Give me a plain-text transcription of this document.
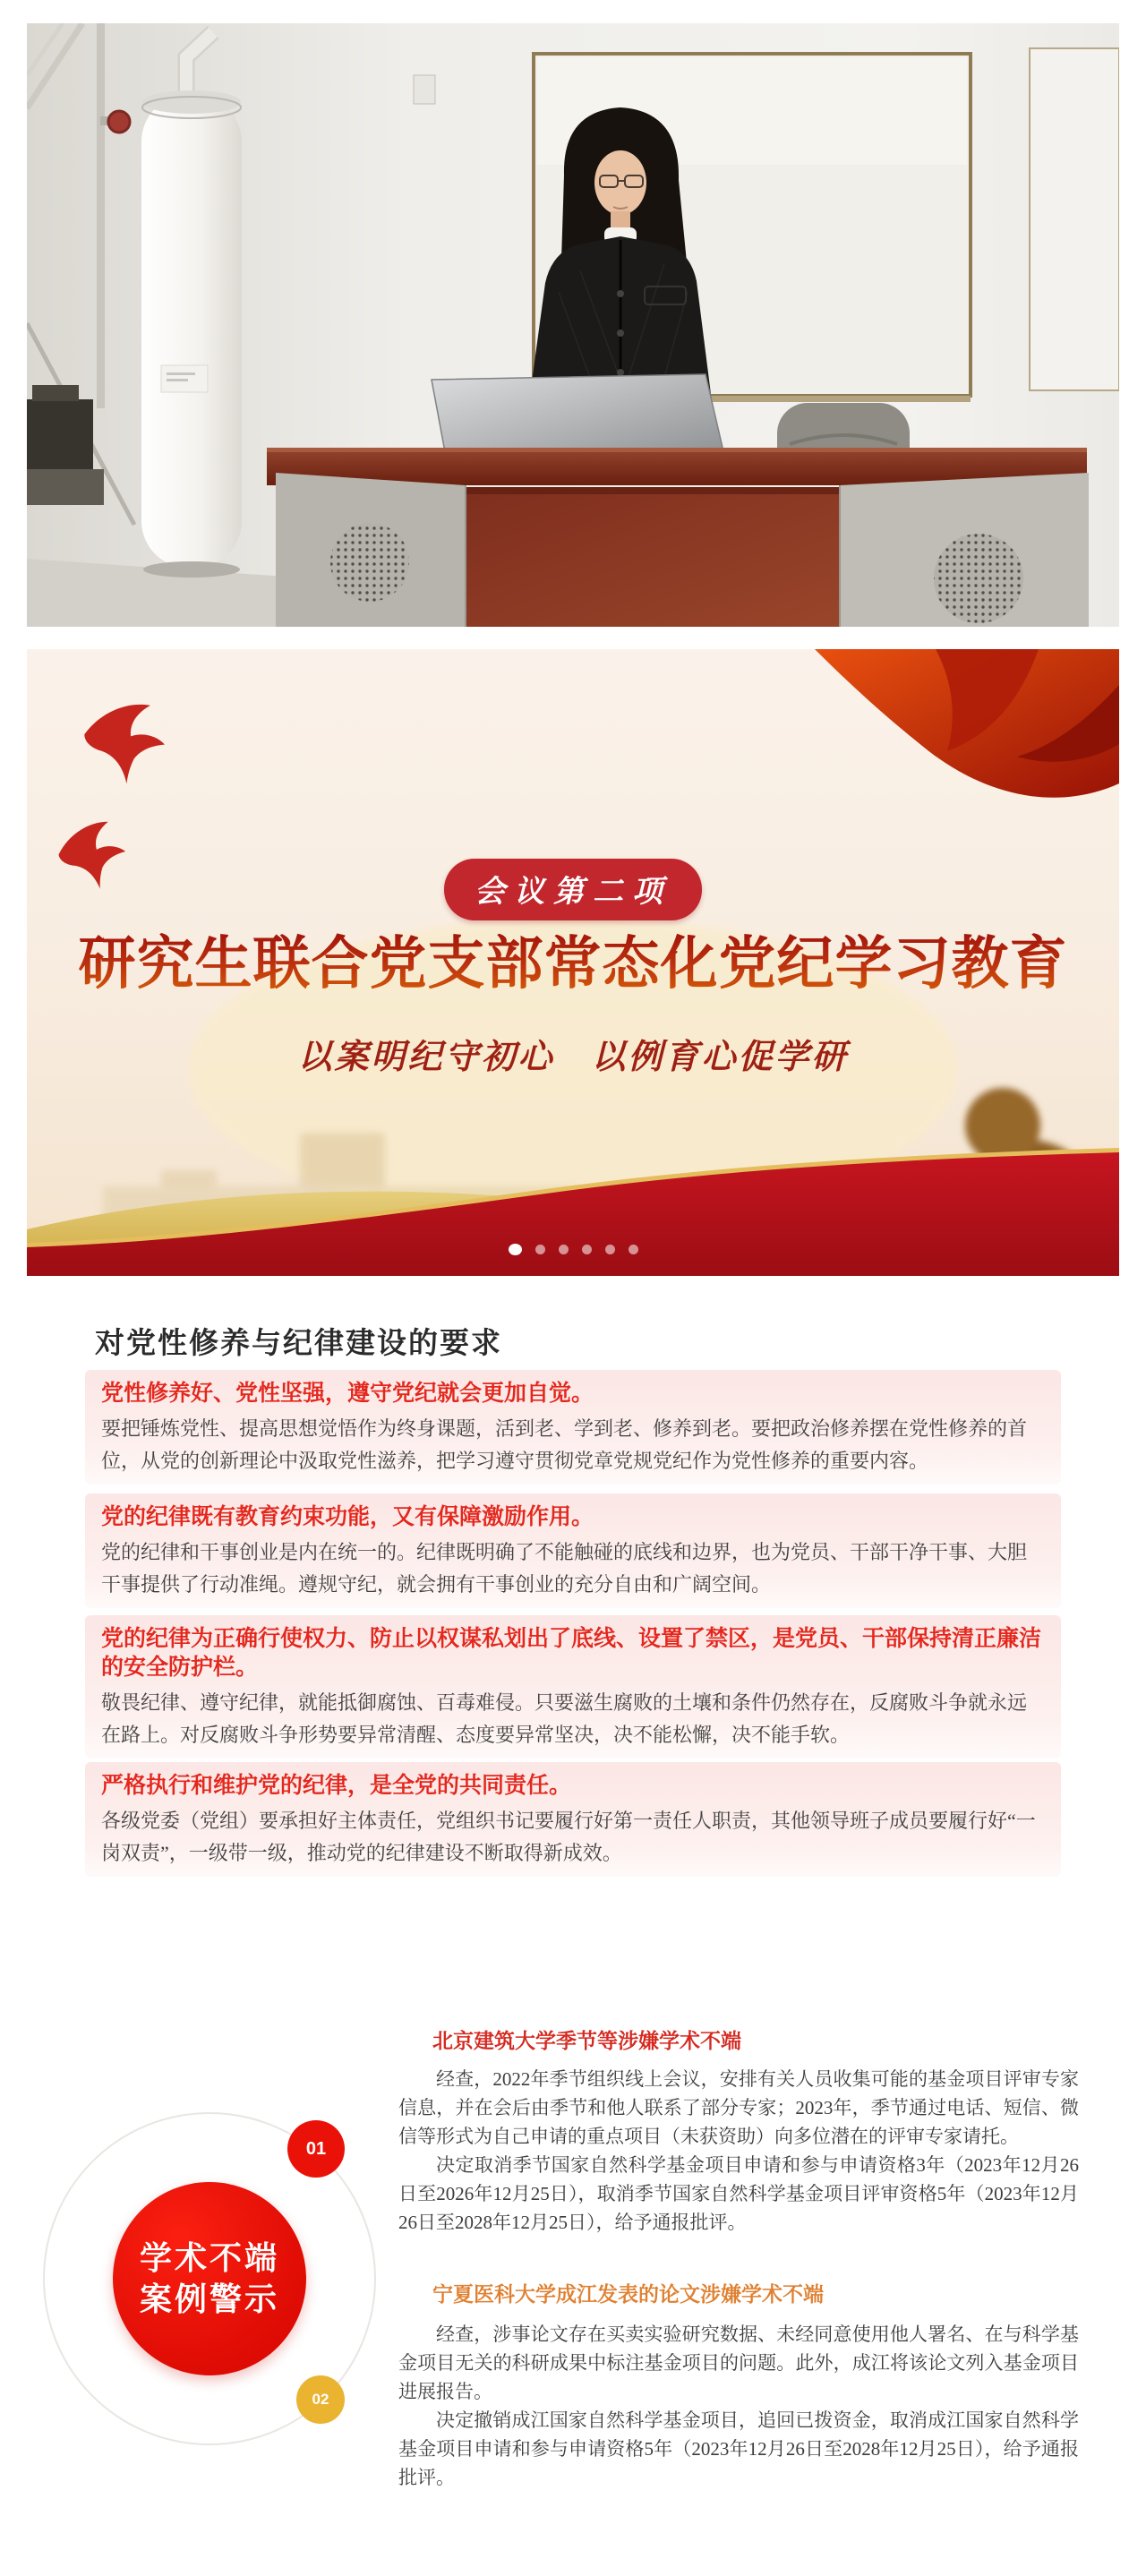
会议第二项
研究生联合党支部常态化党纪学习教育
以案明纪守初心　以例育心促学研
对党性修养与纪律建设的要求
党性修养好、党性坚强，遵守党纪就会更加自觉。

要把锤炼党性、提高思想觉悟作为终身课题，活到老、学到老、修养到老。要把政治修养摆在党性修养的首位，从党的创新理论中汲取党性滋养，把学习遵守贯彻党章党规党纪作为党性修养的重要内容。

党的纪律既有教育约束功能，又有保障激励作用。

党的纪律和干事创业是内在统一的。纪律既明确了不能触碰的底线和边界，也为党员、干部干净干事、大胆干事提供了行动准绳。遵规守纪，就会拥有干事创业的充分自由和广阔空间。

党的纪律为正确行使权力、防止以权谋私划出了底线、设置了禁区，是党员、干部保持清正廉洁的安全防护栏。

敬畏纪律、遵守纪律，就能抵御腐蚀、百毒难侵。只要滋生腐败的土壤和条件仍然存在，反腐败斗争就永远在路上。对反腐败斗争形势要异常清醒、态度要异常坚决，决不能松懈，决不能手软。

严格执行和维护党的纪律，是全党的共同责任。

各级党委（党组）要承担好主体责任，党组织书记要履行好第一责任人职责，其他领导班子成员要履行好“一岗双责”，一级带一级，推动党的纪律建设不断取得新成效。

学术不端
案例警示
01
02
北京建筑大学季节等涉嫌学术不端

经查，2022年季节组织线上会议，安排有关人员收集可能的基金项目评审专家信息，并在会后由季节和他人联系了部分专家；2023年，季节通过电话、短信、微信等形式为自己申请的重点项目（未获资助）向多位潜在的评审专家请托。

决定取消季节国家自然科学基金项目申请和参与申请资格3年（2023年12月26日至2026年12月25日），取消季节国家自然科学基金项目评审资格5年（2023年12月26日至2028年12月25日），给予通报批评。

宁夏医科大学成江发表的论文涉嫌学术不端

经查，涉事论文存在买卖实验研究数据、未经同意使用他人署名、在与科学基金项目无关的科研成果中标注基金项目的问题。此外，成江将该论文列入基金项目进展报告。

决定撤销成江国家自然科学基金项目，追回已拨资金，取消成江国家自然科学基金项目申请和参与申请资格5年（2023年12月26日至2028年12月25日），给予通报批评。
